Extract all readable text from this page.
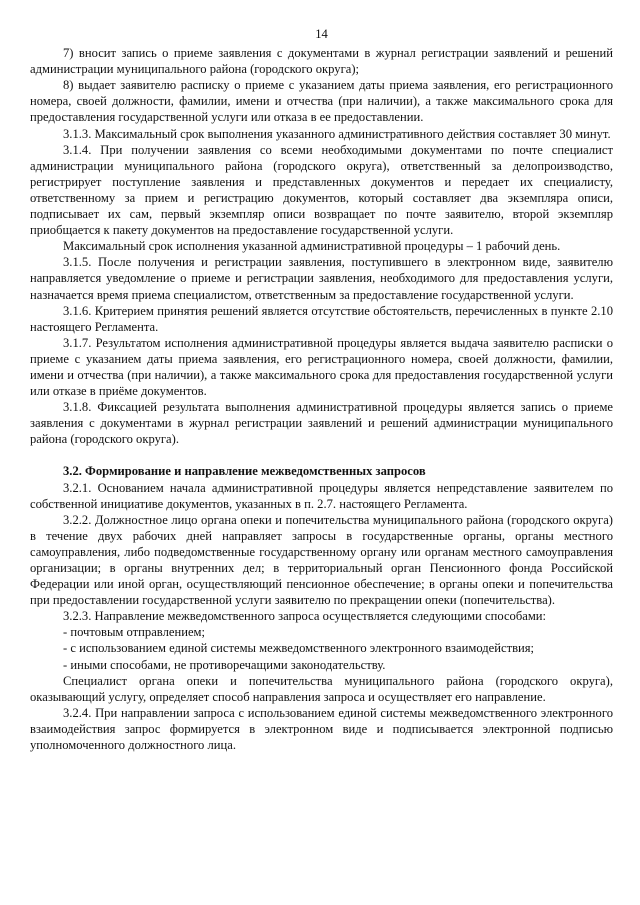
14

7) вносит запись о приеме заявления с документами в журнал регистрации заявлений и решений администрации муниципального района (городского округа);

8) выдает заявителю расписку о приеме с указанием даты приема заявления, его регистрационного номера, своей должности, фамилии, имени и отчества (при наличии), а также максимального срока для предоставления государственной услуги или отказа в ее предоставлении.

3.1.3. Максимальный срок выполнения указанного административного действия составляет 30 минут.

3.1.4. При получении заявления со всеми необходимыми документами по почте специалист администрации муниципального района (городского округа), ответственный за делопроизводство, регистрирует поступление заявления и представленных документов и передает их специалисту, ответственному за прием и регистрацию документов, который составляет два экземпляра описи, подписывает их сам, первый экземпляр описи возвращает по почте заявителю, второй экземпляр приобщается к пакету документов на предоставление государственной услуги.

Максимальный срок исполнения указанной административной процедуры – 1 рабочий день.

3.1.5. После получения и регистрации заявления, поступившего в электронном виде, заявителю направляется уведомление о приеме и регистрации заявления, необходимого для предоставления услуги, назначается время приема специалистом, ответственным за предоставление государственной услуги.

3.1.6. Критерием принятия решений является отсутствие обстоятельств, перечисленных в пункте 2.10 настоящего Регламента.

3.1.7. Результатом исполнения административной процедуры является выдача заявителю расписки о приеме с указанием даты приема заявления, его регистрационного номера, своей должности, фамилии, имени и отчества (при наличии), а также максимального срока для предоставления государственной услуги или отказе в приёме документов.

3.1.8. Фиксацией результата выполнения административной процедуры является запись о приеме заявления с документами в журнал регистрации заявлений и решений администрации муниципального района (городского округа).

3.2. Формирование и направление межведомственных запросов

3.2.1. Основанием начала административной процедуры является непредставление заявителем по собственной инициативе документов, указанных в п. 2.7. настоящего Регламента.

3.2.2. Должностное лицо органа опеки и попечительства муниципального района (городского округа) в течение двух рабочих дней направляет запросы в государственные органы, органы местного самоуправления, либо подведомственные государственному органу или органам местного самоуправления организации; в органы внутренних дел; в территориальный орган Пенсионного фонда Российской Федерации или иной орган, осуществляющий пенсионное обеспечение; в органы опеки и попечительства при предоставлении государственной услуги заявителю по прекращении опеки (попечительства).

3.2.3. Направление межведомственного запроса осуществляется следующими способами:

- почтовым отправлением;

- с использованием единой системы межведомственного электронного взаимодействия;

- иными способами, не противоречащими законодательству.

Специалист органа опеки и попечительства муниципального района (городского округа), оказывающий услугу, определяет способ направления запроса и осуществляет его направление.

3.2.4. При направлении запроса с использованием единой системы межведомственного электронного взаимодействия запрос формируется в электронном виде и подписывается электронной подписью уполномоченного должностного лица.
